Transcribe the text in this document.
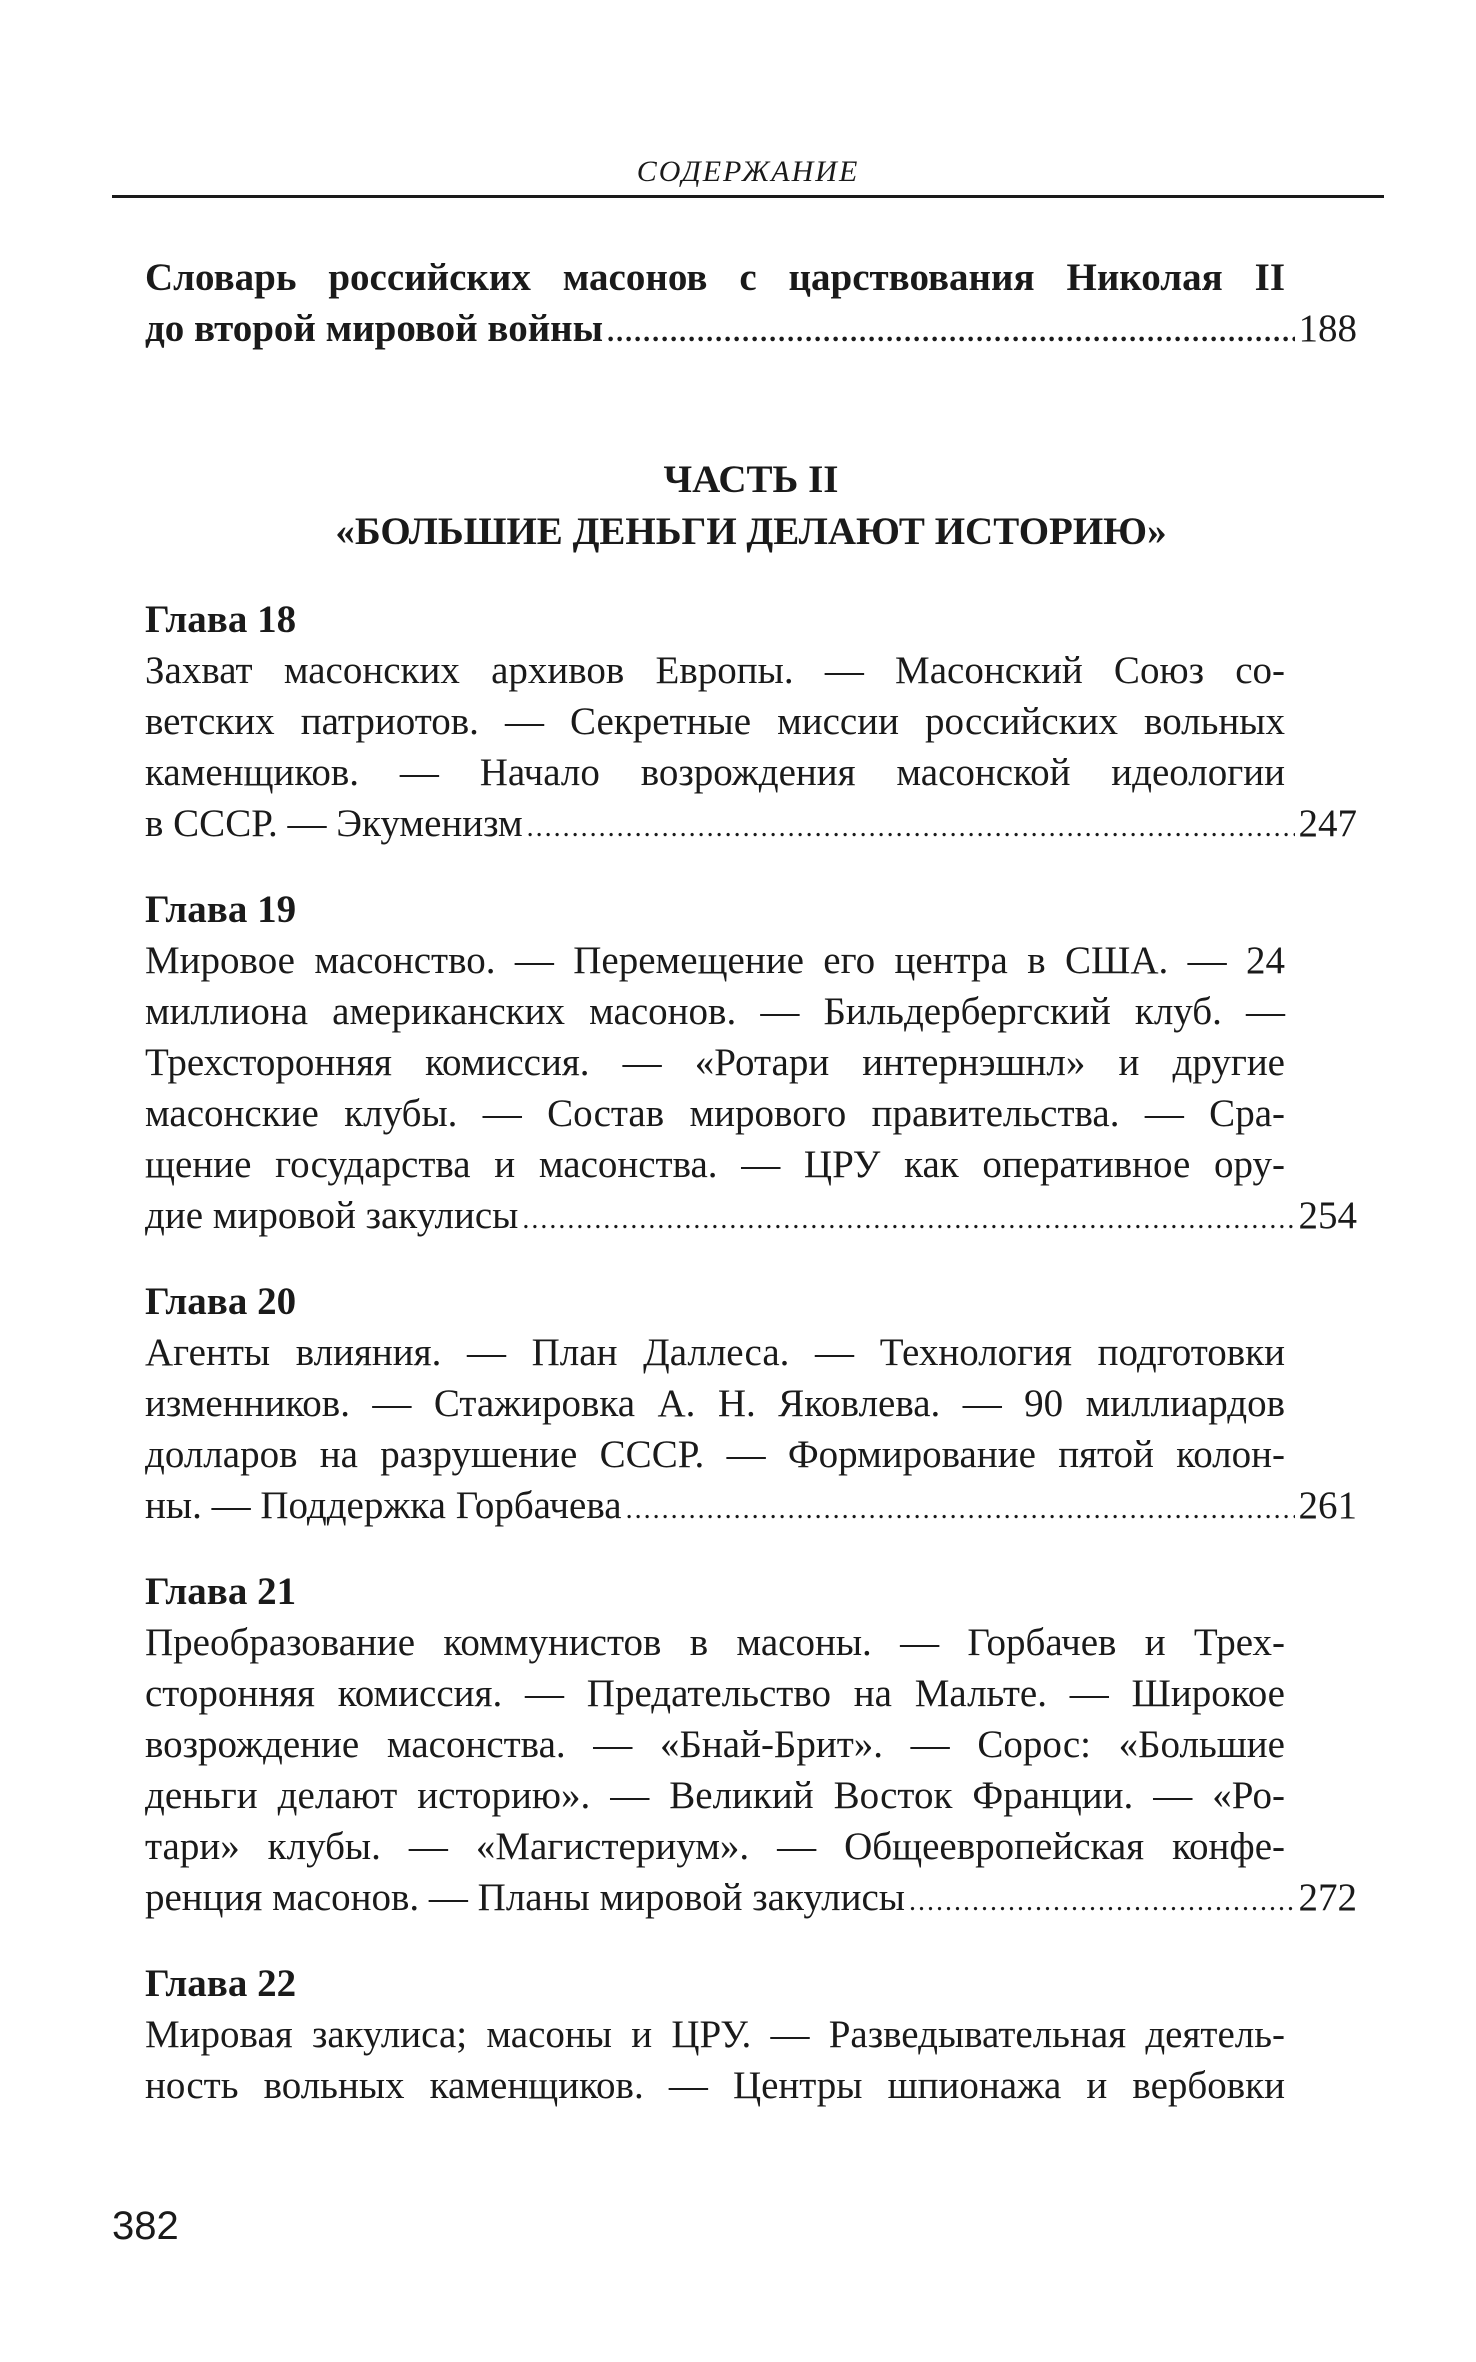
СОДЕРЖАНИЕ
Словарь российских масонов с царствования Николая II
до второй мировой войны .....	188
ЧАСТЬ II
«БОЛЬШИЕ ДЕНЬГИ ДЕЛАЮТ ИСТОРИЮ»
Глава 18
Захват масонских архивов Европы. — Масонский Союз со-
ветских патриотов. — Секретные миссии российских вольных
каменщиков. — Начало возрождения масонской идеологии
в СССР. — Экуменизм .....	247
Глава 19
Мировое масонство. — Перемещение его центра в США. — 24
миллиона американских масонов. — Бильдербергский клуб. —
Трехсторонняя комиссия. — «Ротари интернэшнл» и другие
масонские клубы. — Состав мирового правительства. — Сра-
щение государства и масонства. — ЦРУ как оперативное ору-
дие мировой закулисы .....	254
Глава 20
Агенты влияния. — План Даллеса. — Технология подготовки
изменников. — Стажировка А. Н. Яковлева. — 90 миллиардов
долларов на разрушение СССР. — Формирование пятой колон-
ны. — Поддержка Горбачева .....	261
Глава 21
Преобразование коммунистов в масоны. — Горбачев и Трех-
сторонняя комиссия. — Предательство на Мальте. — Широкое
возрождение масонства. — «Бнай-Брит». — Сорос: «Большие
деньги делают историю». — Великий Восток Франции. — «Ро-
тари» клубы. — «Магистериум». — Общеевропейская конфе-
ренция масонов. — Планы мировой закулисы .....	272
Глава 22
Мировая закулиса; масоны и ЦРУ. — Разведывательная деятель-
ность вольных каменщиков. — Центры шпионажа и вербовки
382
